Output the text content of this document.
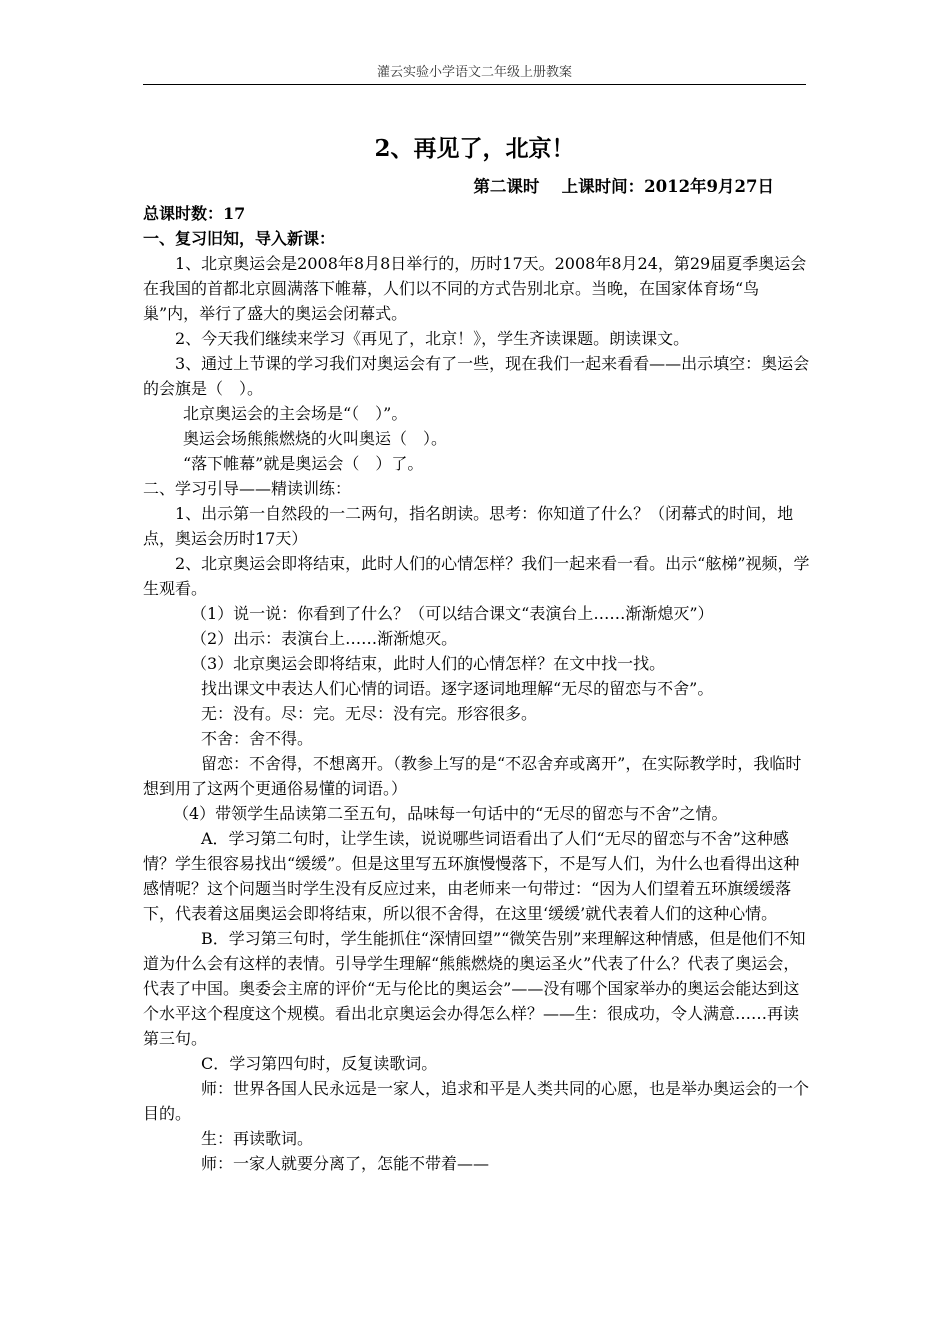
灌云实验小学语文二年级上册教案
2、再见了，北京！
第二课时　 上课时间：2012年9月27日

总课时数：17

一、复习旧知，导入新课：

1、北京奥运会是2008年8月8日举行的，历时17天。2008年8月24，第29届夏季奥运会在我国的首都北京圆满落下帷幕，人们以不同的方式告别北京。当晚，在国家体育场“鸟巢”内，举行了盛大的奥运会闭幕式。

2、今天我们继续来学习《再见了，北京！》，学生齐读课题。朗读课文。

3、通过上节课的学习我们对奥运会有了一些，现在我们一起来看看——出示填空：奥运会的会旗是（　）。

北京奥运会的主会场是“（　）”。

奥运会场熊熊燃烧的火叫奥运（　）。

“落下帷幕”就是奥运会（　）了。

二、学习引导——精读训练：

1、出示第一自然段的一二两句，指名朗读。思考：你知道了什么？（闭幕式的时间，地点，奥运会历时17天）

2、北京奥运会即将结束，此时人们的心情怎样？我们一起来看一看。出示“舷梯”视频，学生观看。

（1）说一说：你看到了什么？（可以结合课文“表演台上……渐渐熄灭”）

（2）出示：表演台上……渐渐熄灭。

（3）北京奥运会即将结束，此时人们的心情怎样？在文中找一找。

找出课文中表达人们心情的词语。逐字逐词地理解“无尽的留恋与不舍”。

无：没有。尽：完。无尽：没有完。形容很多。

不舍：舍不得。

留恋：不舍得，不想离开。（教参上写的是“不忍舍弃或离开”，在实际教学时，我临时想到用了这两个更通俗易懂的词语。）

（4）带领学生品读第二至五句，品味每一句话中的“无尽的留恋与不舍”之情。

A．学习第二句时，让学生读，说说哪些词语看出了人们“无尽的留恋与不舍”这种感情？学生很容易找出“缓缓”。但是这里写五环旗慢慢落下，不是写人们，为什么也看得出这种感情呢？这个问题当时学生没有反应过来，由老师来一句带过：“因为人们望着五环旗缓缓落下，代表着这届奥运会即将结束，所以很不舍得，在这里‘缓缓’就代表着人们的这种心情。

B．学习第三句时，学生能抓住“深情回望”“微笑告别”来理解这种情感，但是他们不知道为什么会有这样的表情。引导学生理解“熊熊燃烧的奥运圣火”代表了什么？代表了奥运会，代表了中国。奥委会主席的评价“无与伦比的奥运会”——没有哪个国家举办的奥运会能达到这个水平这个程度这个规模。看出北京奥运会办得怎么样？——生：很成功，令人满意……再读第三句。

C．学习第四句时，反复读歌词。

师：世界各国人民永远是一家人，追求和平是人类共同的心愿，也是举办奥运会的一个目的。

生：再读歌词。

师：一家人就要分离了，怎能不带着——
